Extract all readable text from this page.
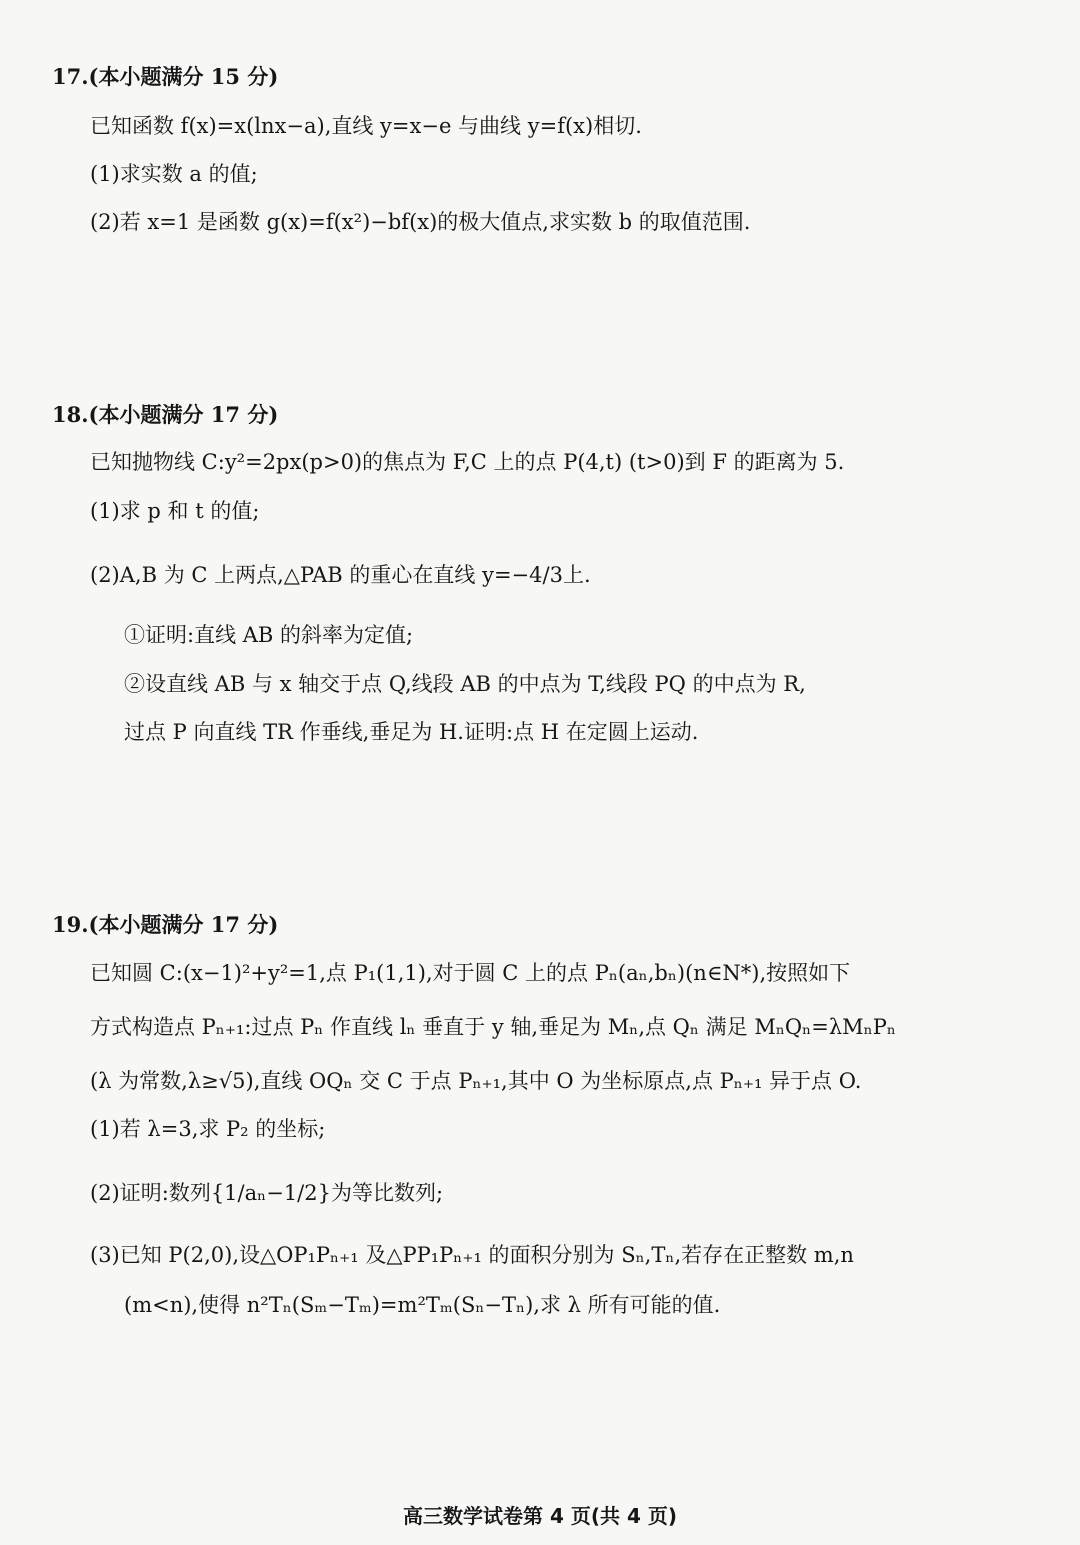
17.(本小题满分 15 分)
已知函数 f(x)=x(lnx−a),直线 y=x−e 与曲线 y=f(x)相切.
(1)求实数 a 的值;
(2)若 x=1 是函数 g(x)=f(x²)−bf(x)的极大值点,求实数 b 的取值范围.
18.(本小题满分 17 分)
已知抛物线 C:y²=2px(p>0)的焦点为 F,C 上的点 P(4,t) (t>0)到 F 的距离为 5.
(1)求 p 和 t 的值;
(2)A,B 为 C 上两点,△PAB 的重心在直线 y=−4/3上.
①证明:直线 AB 的斜率为定值;
②设直线 AB 与 x 轴交于点 Q,线段 AB 的中点为 T,线段 PQ 的中点为 R,
过点 P 向直线 TR 作垂线,垂足为 H.证明:点 H 在定圆上运动.
19.(本小题满分 17 分)
已知圆 C:(x−1)²+y²=1,点 P₁(1,1),对于圆 C 上的点 Pₙ(aₙ,bₙ)(n∈N*),按照如下
方式构造点 Pₙ₊₁:过点 Pₙ 作直线 lₙ 垂直于 y 轴,垂足为 Mₙ,点 Qₙ 满足 MₙQₙ=λMₙPₙ
(λ 为常数,λ≥√5),直线 OQₙ 交 C 于点 Pₙ₊₁,其中 O 为坐标原点,点 Pₙ₊₁ 异于点 O.
(1)若 λ=3,求 P₂ 的坐标;
(2)证明:数列{1/aₙ−1/2}为等比数列;
(3)已知 P(2,0),设△OP₁Pₙ₊₁ 及△PP₁Pₙ₊₁ 的面积分别为 Sₙ,Tₙ,若存在正整数 m,n
(m<n),使得 n²Tₙ(Sₘ−Tₘ)=m²Tₘ(Sₙ−Tₙ),求 λ 所有可能的值.
高三数学试卷第 4 页(共 4 页)
